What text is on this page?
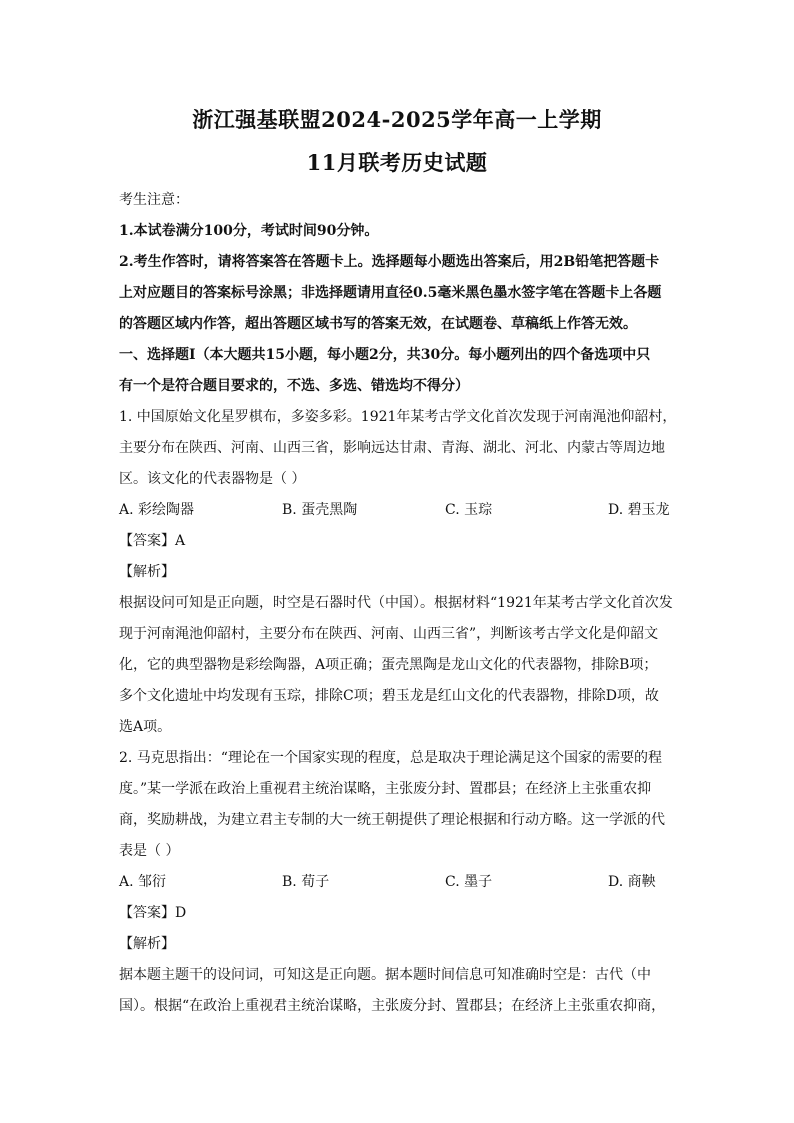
浙江强基联盟2024-2025学年高一上学期
11月联考历史试题
考生注意：
1.本试卷满分100分，考试时间90分钟。
2.考生作答时，请将答案答在答题卡上。选择题每小题选出答案后，用2B铅笔把答题卡
上对应题目的答案标号涂黑；非选择题请用直径0.5毫米黑色墨水签字笔在答题卡上各题
的答题区域内作答，超出答题区域书写的答案无效，在试题卷、草稿纸上作答无效。
一、选择题Ⅰ（本大题共15小题，每小题2分，共30分。每小题列出的四个备选项中只
有一个是符合题目要求的，不选、多选、错选均不得分）
1. 中国原始文化星罗棋布，多姿多彩。1921年某考古学文化首次发现于河南渑池仰韶村，
主要分布在陕西、河南、山西三省，影响远达甘肃、青海、湖北、河北、内蒙古等周边地
区。该文化的代表器物是（ ）
A. 彩绘陶器	B. 蛋壳黑陶	C. 玉琮	D. 碧玉龙
【答案】A
【解析】
根据设问可知是正向题，时空是石器时代（中国）。根据材料“1921年某考古学文化首次发
现于河南渑池仰韶村，主要分布在陕西、河南、山西三省”，判断该考古学文化是仰韶文
化，它的典型器物是彩绘陶器，A项正确；蛋壳黑陶是龙山文化的代表器物，排除B项；
多个文化遗址中均发现有玉琮，排除C项；碧玉龙是红山文化的代表器物，排除D项，故
选A项。
2. 马克思指出：“理论在一个国家实现的程度，总是取决于理论满足这个国家的需要的程
度。”某一学派在政治上重视君主统治谋略，主张废分封、置郡县；在经济上主张重农抑
商，奖励耕战，为建立君主专制的大一统王朝提供了理论根据和行动方略。这一学派的代
表是（ ）
A. 邹衍	B. 荀子	C. 墨子	D. 商鞅
【答案】D
【解析】
据本题主题干的设问词，可知这是正向题。据本题时间信息可知准确时空是：古代（中
国）。根据“在政治上重视君主统治谋略，主张废分封、置郡县；在经济上主张重农抑商，
